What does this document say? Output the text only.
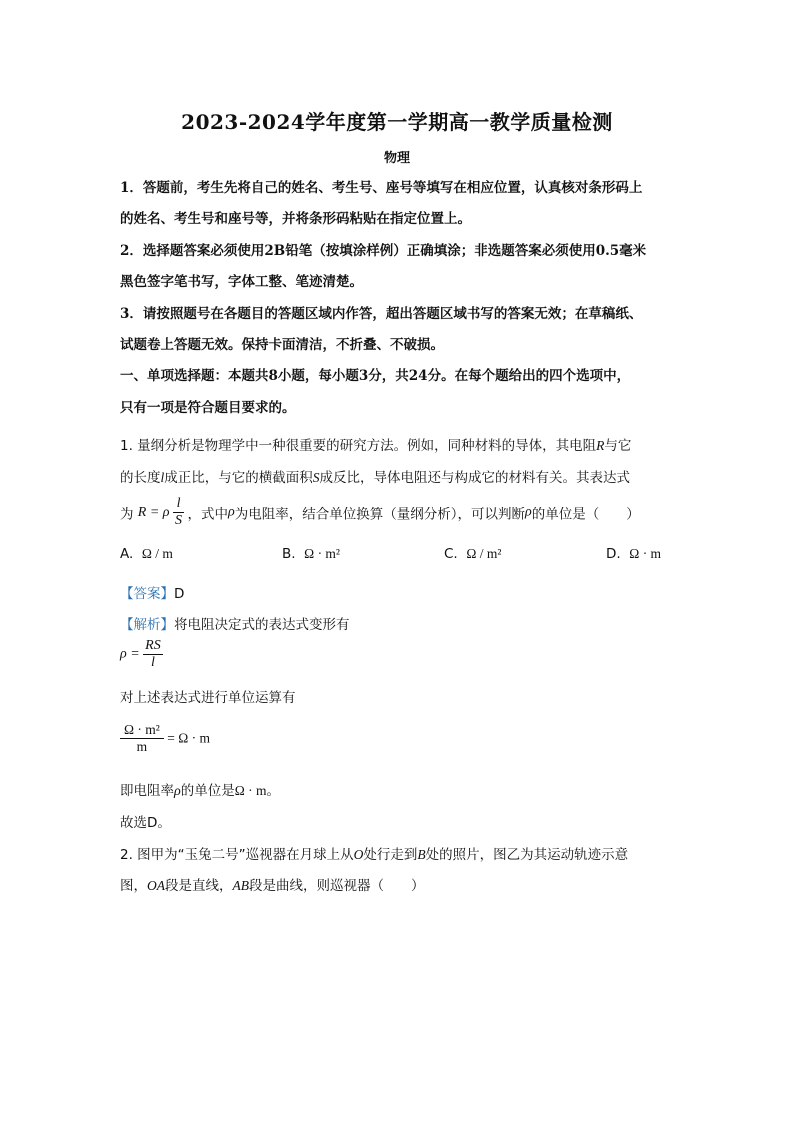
2023-2024学年度第一学期高一教学质量检测
物理
1．答题前，考生先将自己的姓名、考生号、座号等填写在相应位置，认真核对条形码上
的姓名、考生号和座号等，并将条形码粘贴在指定位置上。
2．选择题答案必须使用2B铅笔（按填涂样例）正确填涂；非选题答案必须使用0.5毫米
黑色签字笔书写，字体工整、笔迹清楚。
3．请按照题号在各题目的答题区域内作答，超出答题区域书写的答案无效；在草稿纸、
试题卷上答题无效。保持卡面清洁，不折叠、不破损。
一、单项选择题：本题共8小题，每小题3分，共24分。在每个题给出的四个选项中，
只有一项是符合题目要求的。
1. 量纲分析是物理学中一种很重要的研究方法。例如，同种材料的导体，其电阻R与它
的长度l成正比，与它的横截面积S成反比，导体电阻还与构成它的材料有关。其表达式
为 R = ρ $\frac{l}{S}$ ，式中ρ为电阻率，结合单位换算（量纲分析），可以判断ρ的单位是（　　）
A. Ω / m	B. Ω · m²	C. Ω / m²	D. Ω · m
【答案】D
【解析】将电阻决定式的表达式变形有
$\rho = \frac{RS}{l}$
对上述表达式进行单位运算有
$\frac{\text{Ω · m²}}{m} = \Omega \cdot m$
即电阻率ρ的单位是Ω · m。
故选D。
2. 图甲为“玉兔二号”巡视器在月球上从O处行走到B处的照片，图乙为其运动轨迹示意
图，OA段是直线，AB段是曲线，则巡视器（　　）
